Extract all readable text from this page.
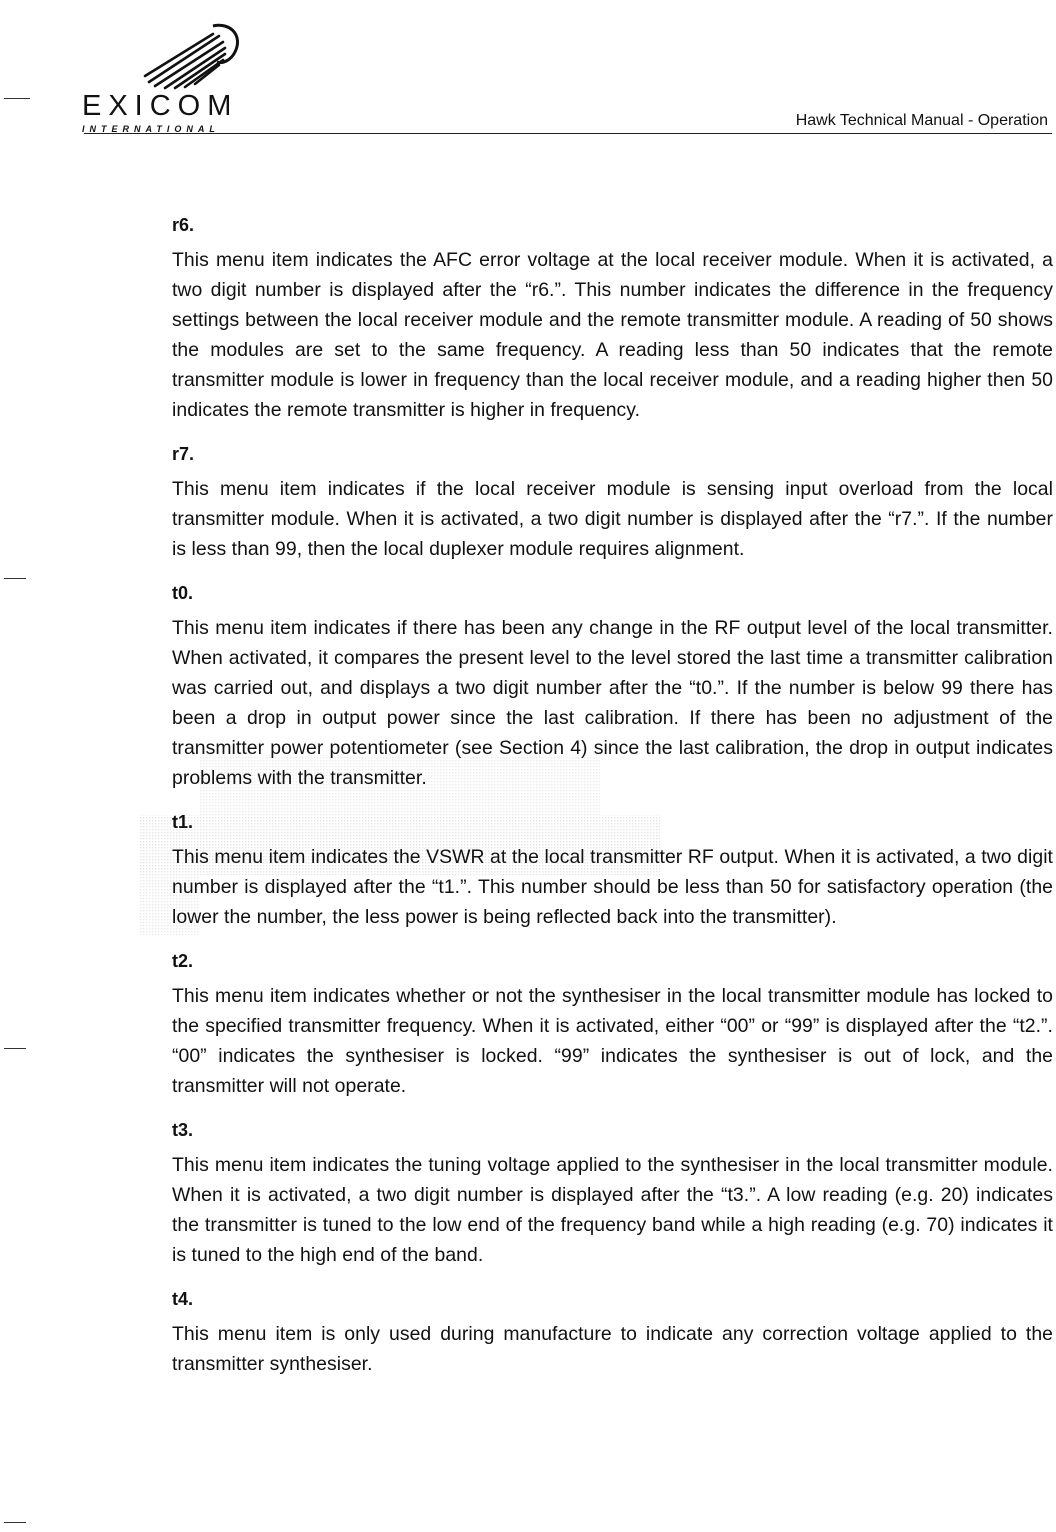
EXICOM
INTERNATIONAL	Hawk Technical Manual - Operation
r6.

This menu item indicates the AFC error voltage at the local receiver module. When it is activated, a two digit number is displayed after the “r6.”. This number indicates the difference in the frequency settings between the local receiver module and the remote transmitter module. A reading of 50 shows the modules are set to the same frequency. A reading less than 50 indicates that the remote transmitter module is lower in frequency than the local receiver module, and a reading higher then 50 indicates the remote transmitter is higher in frequency.

r7.

This menu item indicates if the local receiver module is sensing input overload from the local transmitter module. When it is activated, a two digit number is displayed after the “r7.”. If the number is less than 99, then the local duplexer module requires alignment.

t0.

This menu item indicates if there has been any change in the RF output level of the local transmitter. When activated, it compares the present level to the level stored the last time a transmitter calibration was carried out, and displays a two digit number after the “t0.”. If the number is below 99 there has been a drop in output power since the last calibration. If there has been no adjustment of the transmitter power potentiometer (see Section 4) since the last calibration, the drop in output indicates problems with the transmitter.

t1.

This menu item indicates the VSWR at the local transmitter RF output. When it is activated, a two digit number is displayed after the “t1.”. This number should be less than 50 for satisfactory operation (the lower the number, the less power is being reflected back into the transmitter).

t2.

This menu item indicates whether or not the synthesiser in the local transmitter module has locked to the specified transmitter frequency. When it is activated, either “00” or “99” is displayed after the “t2.”. “00” indicates the synthesiser is locked. “99” indicates the synthesiser is out of lock, and the transmitter will not operate.

t3.

This menu item indicates the tuning voltage applied to the synthesiser in the local transmitter module. When it is activated, a two digit number is displayed after the “t3.”. A low reading (e.g. 20) indicates the transmitter is tuned to the low end of the frequency band while a high reading (e.g. 70) indicates it is tuned to the high end of the band.

t4.

This menu item is only used during manufacture to indicate any correction voltage applied to the transmitter synthesiser.
